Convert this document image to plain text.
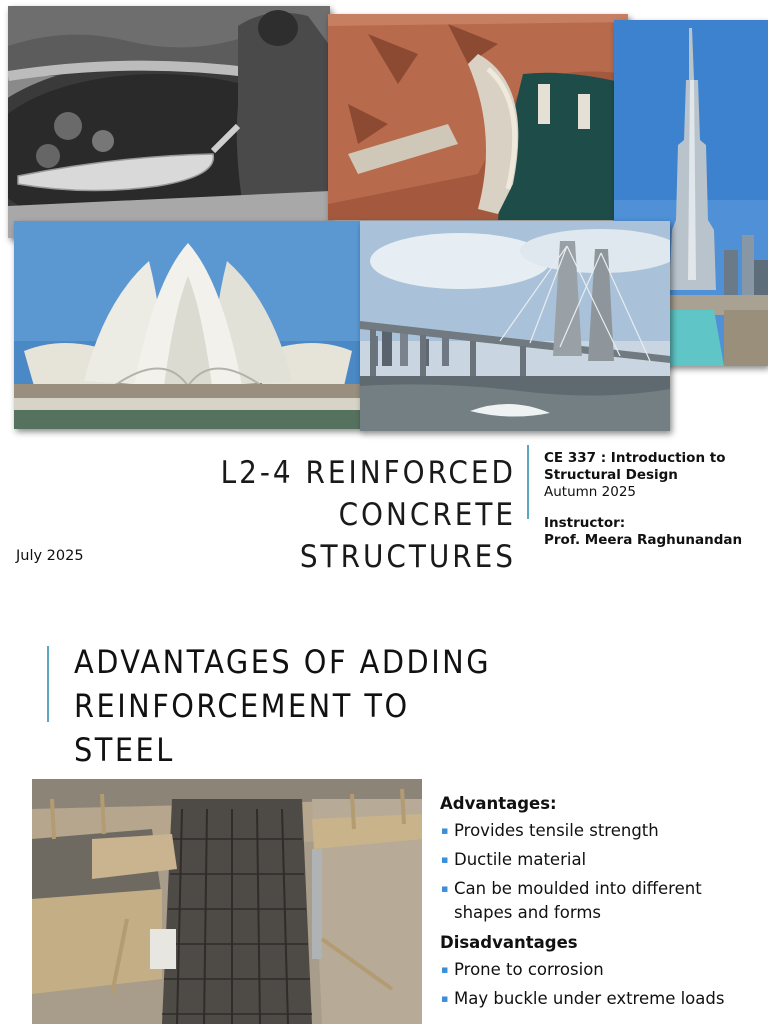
L2-4 REINFORCED CONCRETE
STRUCTURES
CE 337 : Introduction to
Structural Design
Autumn 2025
Instructor:
Prof. Meera Raghunandan
July 2025
ADVANTAGES OF ADDING REINFORCEMENT TO
STEEL
Advantages:
▪ Provides tensile strength
▪ Ductile material
▪ Can be moulded into different shapes and forms
Disadvantages
▪ Prone to corrosion
▪ May buckle under extreme loads
